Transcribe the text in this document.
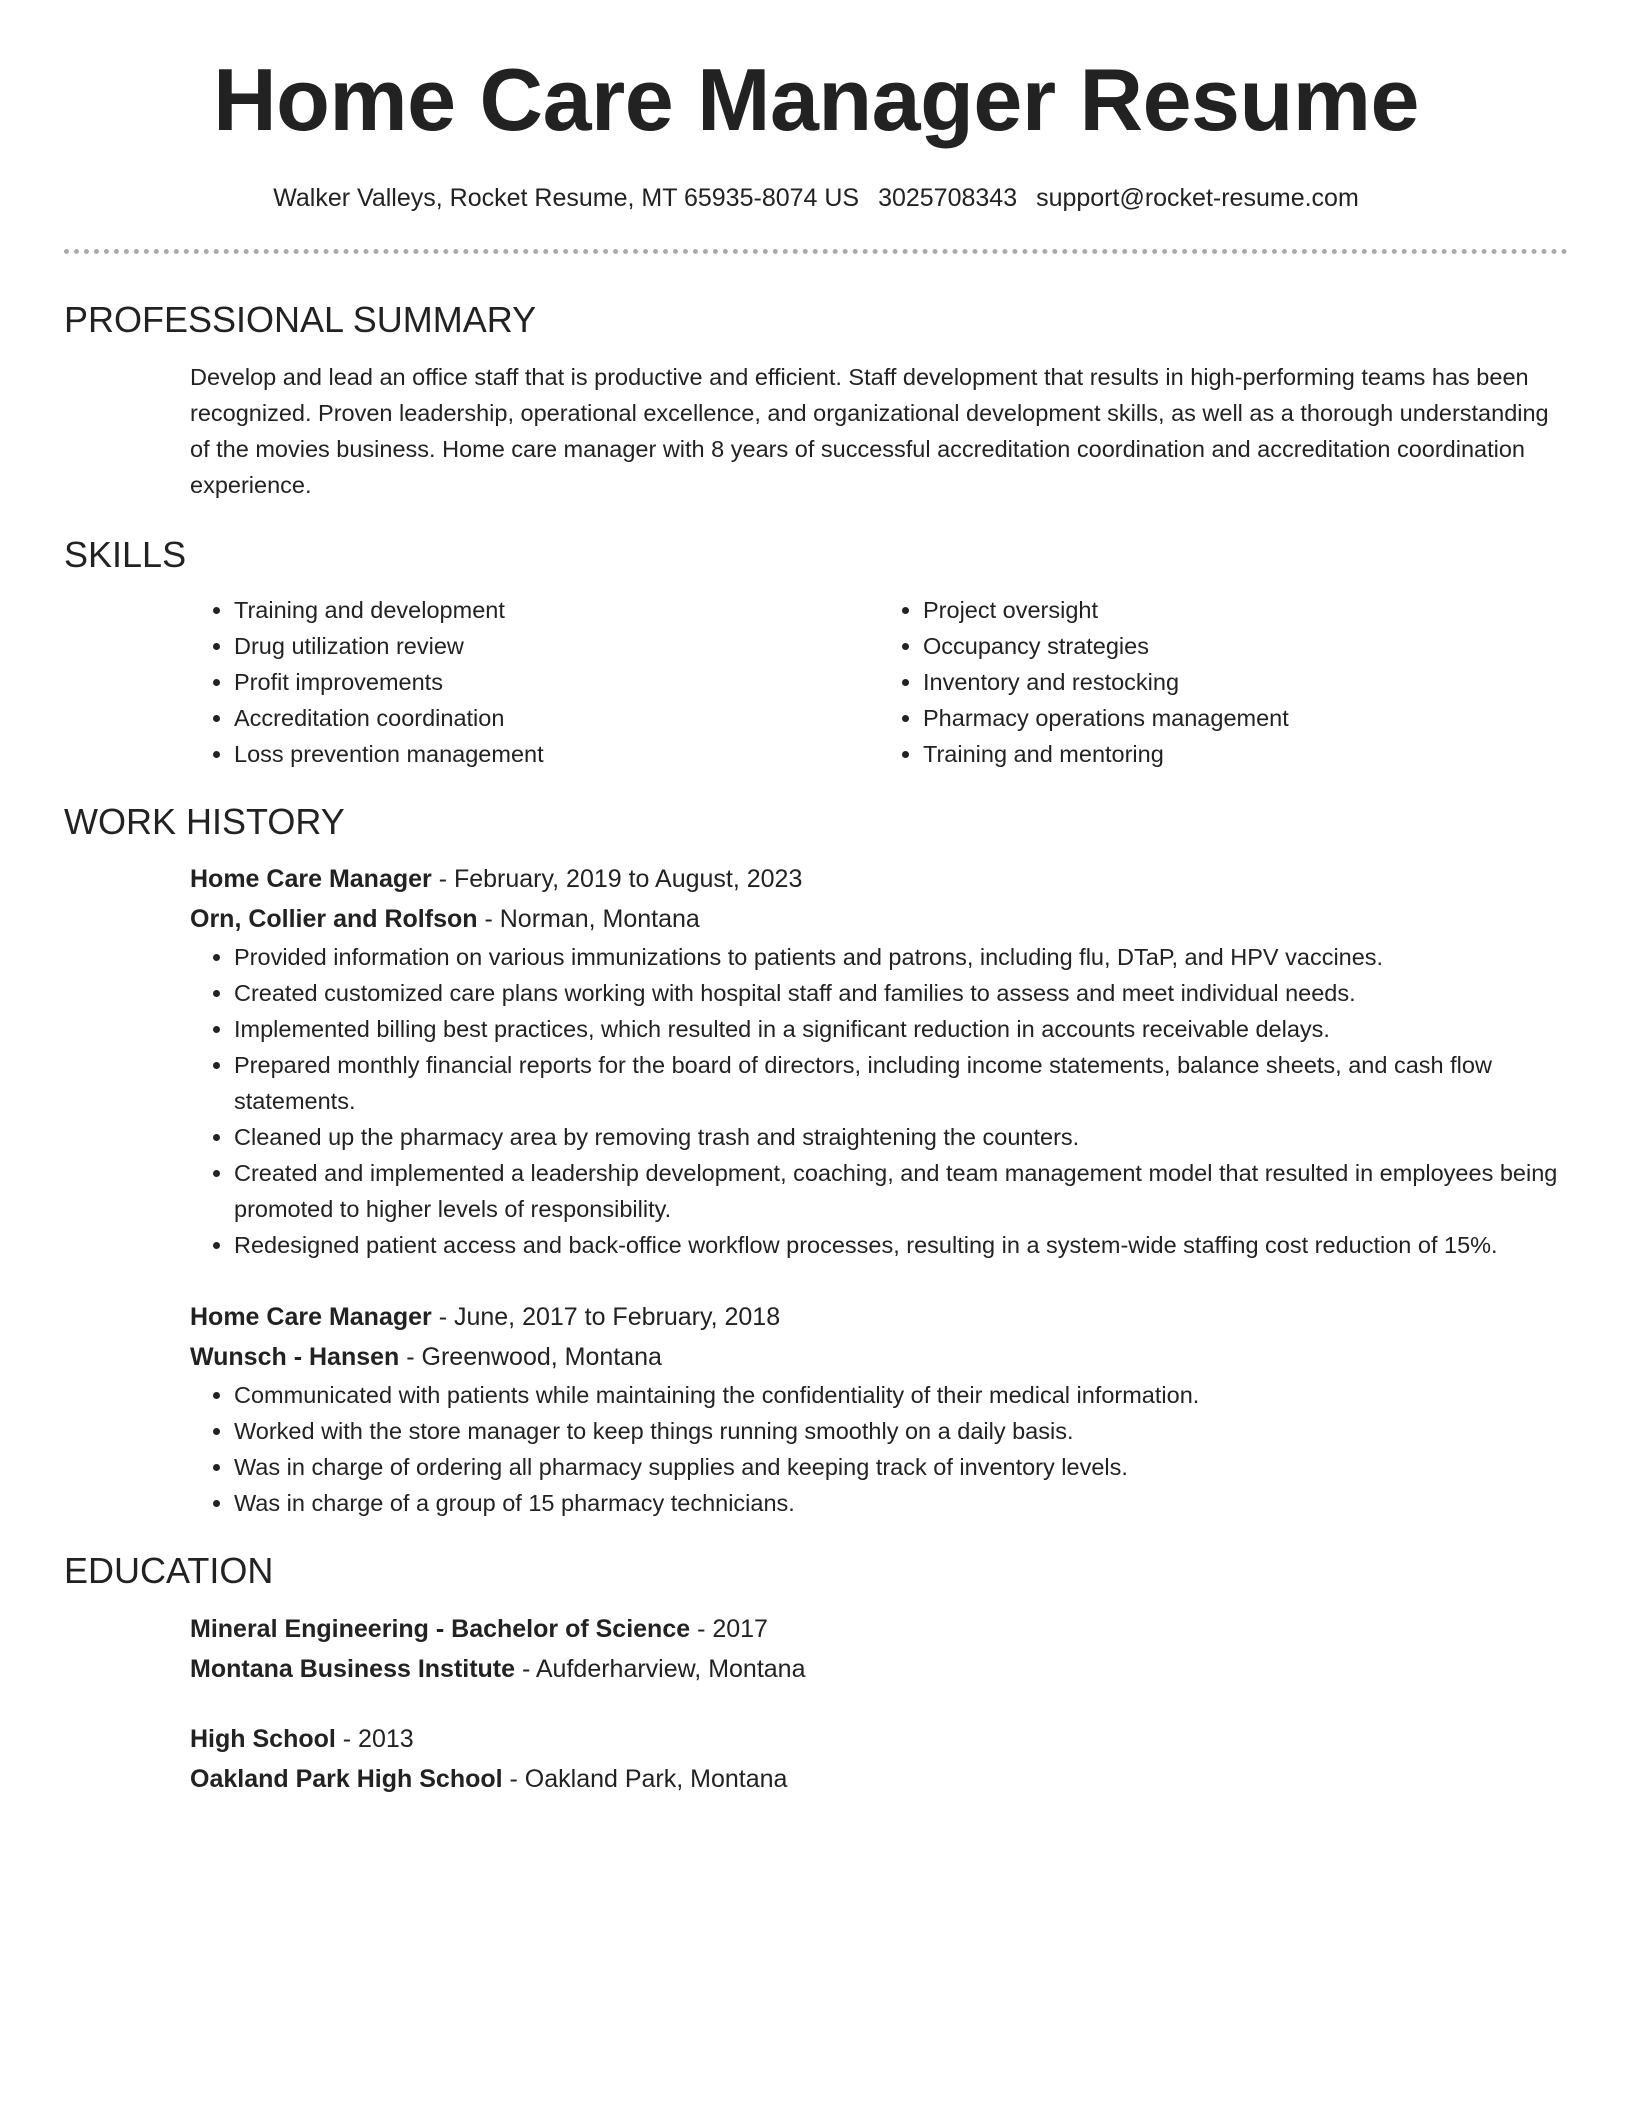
Home Care Manager Resume
Walker Valleys, Rocket Resume, MT 65935-8074 US 3025708343 support@rocket-resume.com
PROFESSIONAL SUMMARY
Develop and lead an office staff that is productive and efficient. Staff development that results in high-performing teams has been recognized. Proven leadership, operational excellence, and organizational development skills, as well as a thorough understanding of the movies business. Home care manager with 8 years of successful accreditation coordination and accreditation coordination experience.
SKILLS
• Training and development
• Drug utilization review
• Profit improvements
• Accreditation coordination
• Loss prevention management
• Project oversight
• Occupancy strategies
• Inventory and restocking
• Pharmacy operations management
• Training and mentoring
WORK HISTORY
Home Care Manager - February, 2019 to August, 2023
Orn, Collier and Rolfson - Norman, Montana
• Provided information on various immunizations to patients and patrons, including flu, DTaP, and HPV vaccines.
• Created customized care plans working with hospital staff and families to assess and meet individual needs.
• Implemented billing best practices, which resulted in a significant reduction in accounts receivable delays.
• Prepared monthly financial reports for the board of directors, including income statements, balance sheets, and cash flow statements.
• Cleaned up the pharmacy area by removing trash and straightening the counters.
• Created and implemented a leadership development, coaching, and team management model that resulted in employees being promoted to higher levels of responsibility.
• Redesigned patient access and back-office workflow processes, resulting in a system-wide staffing cost reduction of 15%.
Home Care Manager - June, 2017 to February, 2018
Wunsch - Hansen - Greenwood, Montana
• Communicated with patients while maintaining the confidentiality of their medical information.
• Worked with the store manager to keep things running smoothly on a daily basis.
• Was in charge of ordering all pharmacy supplies and keeping track of inventory levels.
• Was in charge of a group of 15 pharmacy technicians.
EDUCATION
Mineral Engineering - Bachelor of Science - 2017
Montana Business Institute - Aufderharview, Montana
High School - 2013
Oakland Park High School - Oakland Park, Montana
